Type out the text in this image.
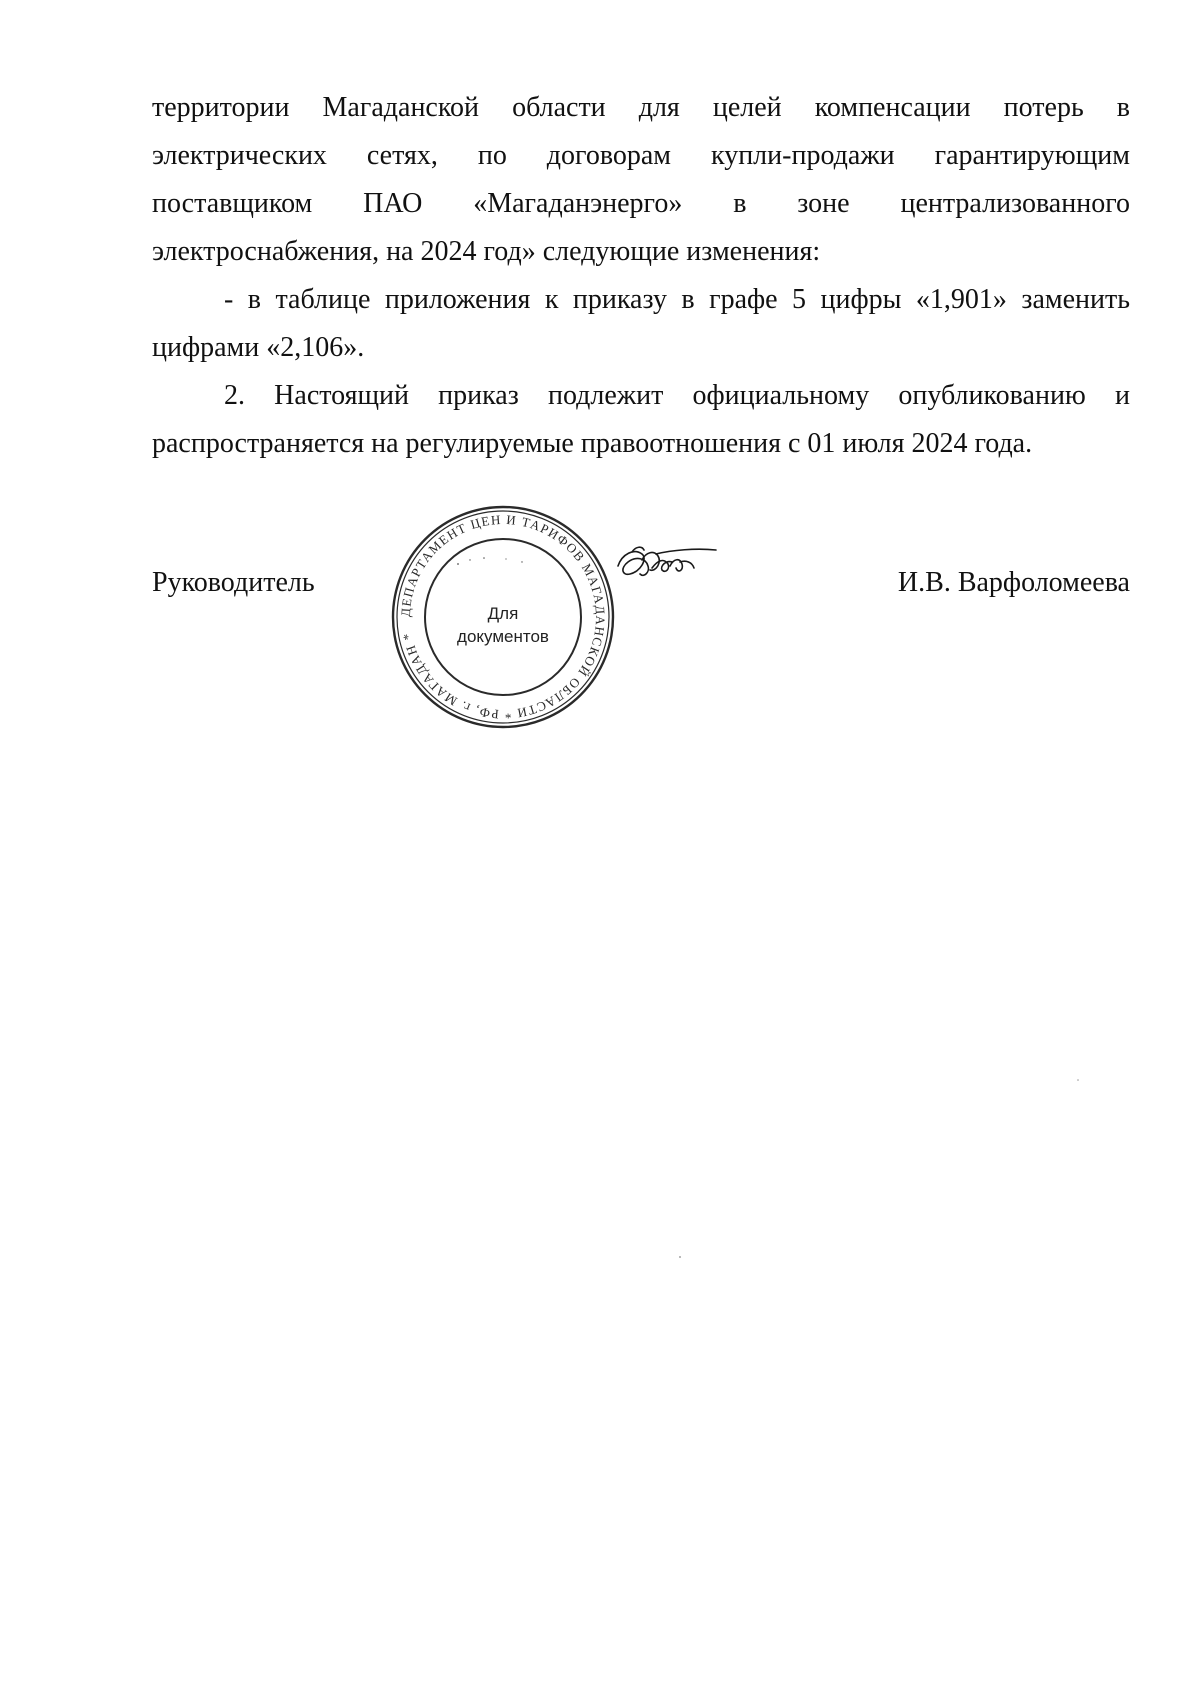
территории Магаданской области для целей компенсации потерь в
электрических сетях, по договорам купли-продажи гарантирующим
поставщиком ПАО «Магаданэнерго» в зоне централизованного
электроснабжения, на 2024 год» следующие изменения:
- в таблице приложения к приказу в графе 5 цифры «1,901» заменить
цифрами «2,106».
2. Настоящий приказ подлежит официальному опубликованию и
распространяется на регулируемые правоотношения с 01 июля 2024 года.
Руководитель	И.В. Варфоломеева
ДЕПАРТАМЕНТ ЦЕН И ТАРИФОВ МАГАДАНСКОЙ ОБЛАСТИ * РФ, г. МАГАДАН *
Для
документов
